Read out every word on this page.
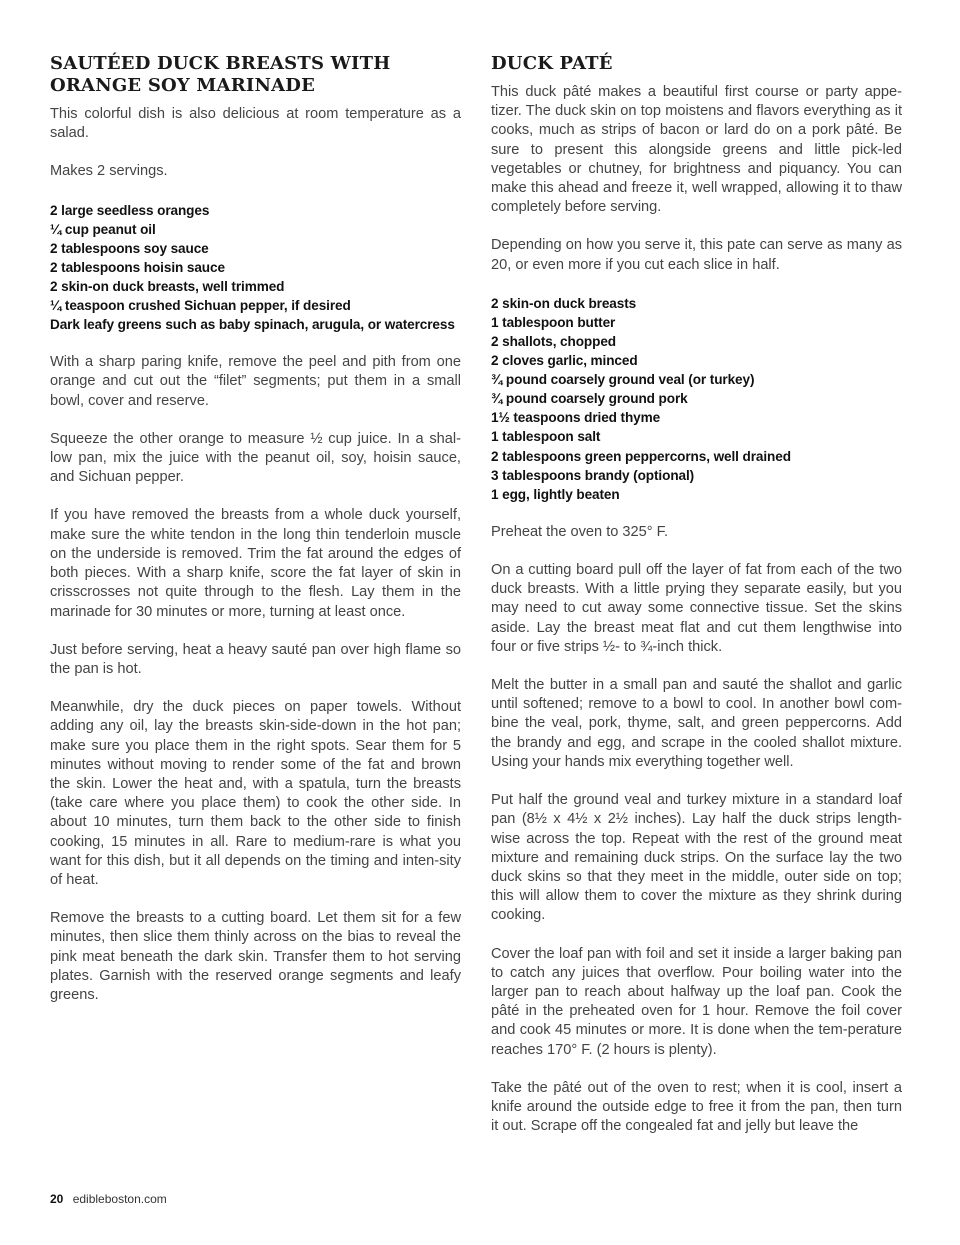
SAUTÉED DUCK BREASTS WITH ORANGE SOY MARINADE

This colorful dish is also delicious at room temperature as a salad.

Makes 2 servings.

2 large seedless oranges
¼ cup peanut oil
2 tablespoons soy sauce
2 tablespoons hoisin sauce
2 skin-on duck breasts, well trimmed
¼ teaspoon crushed Sichuan pepper, if desired
Dark leafy greens such as baby spinach, arugula, or watercress

With a sharp paring knife, remove the peel and pith from one orange and cut out the “filet” segments; put them in a small bowl, cover and reserve.

Squeeze the other orange to measure ½ cup juice. In a shal-low pan, mix the juice with the peanut oil, soy, hoisin sauce, and Sichuan pepper.

If you have removed the breasts from a whole duck yourself, make sure the white tendon in the long thin tenderloin muscle on the underside is removed. Trim the fat around the edges of both pieces. With a sharp knife, score the fat layer of skin in crisscrosses not quite through to the flesh. Lay them in the marinade for 30 minutes or more, turning at least once.

Just before serving, heat a heavy sauté pan over high flame so the pan is hot.

Meanwhile, dry the duck pieces on paper towels. Without adding any oil, lay the breasts skin-side-down in the hot pan; make sure you place them in the right spots. Sear them for 5 minutes without moving to render some of the fat and brown the skin. Lower the heat and, with a spatula, turn the breasts (take care where you place them) to cook the other side. In about 10 minutes, turn them back to the other side to finish cooking, 15 minutes in all. Rare to medium-rare is what you want for this dish, but it all depends on the timing and inten-sity of heat.

Remove the breasts to a cutting board. Let them sit for a few minutes, then slice them thinly across on the bias to reveal the pink meat beneath the dark skin. Transfer them to hot serving plates. Garnish with the reserved orange segments and leafy greens.

DUCK PATÉ

This duck pâté makes a beautiful first course or party appe-tizer. The duck skin on top moistens and flavors everything as it cooks, much as strips of bacon or lard do on a pork pâté. Be sure to present this alongside greens and little pick-led vegetables or chutney, for brightness and piquancy. You can make this ahead and freeze it, well wrapped, allowing it to thaw completely before serving.

Depending on how you serve it, this pate can serve as many as 20, or even more if you cut each slice in half.

2 skin-on duck breasts
1 tablespoon butter
2 shallots, chopped
2 cloves garlic, minced
¾ pound coarsely ground veal (or turkey)
¾ pound coarsely ground pork
1½ teaspoons dried thyme
1 tablespoon salt
2 tablespoons green peppercorns, well drained
3 tablespoons brandy (optional)
1 egg, lightly beaten

Preheat the oven to 325° F.

On a cutting board pull off the layer of fat from each of the two duck breasts. With a little prying they separate easily, but you may need to cut away some connective tissue. Set the skins aside. Lay the breast meat flat and cut them lengthwise into four or five strips ½- to ¾-inch thick.

Melt the butter in a small pan and sauté the shallot and garlic until softened; remove to a bowl to cool. In another bowl com-bine the veal, pork, thyme, salt, and green peppercorns. Add the brandy and egg, and scrape in the cooled shallot mixture. Using your hands mix everything together well.

Put half the ground veal and turkey mixture in a standard loaf pan (8½ x 4½ x 2½ inches). Lay half the duck strips length-wise across the top. Repeat with the rest of the ground meat mixture and remaining duck strips. On the surface lay the two duck skins so that they meet in the middle, outer side on top; this will allow them to cover the mixture as they shrink during cooking.

Cover the loaf pan with foil and set it inside a larger baking pan to catch any juices that overflow. Pour boiling water into the larger pan to reach about halfway up the loaf pan. Cook the pâté in the preheated oven for 1 hour. Remove the foil cover and cook 45 minutes or more. It is done when the tem-perature reaches 170° F. (2 hours is plenty).

Take the pâté out of the oven to rest; when it is cool, insert a knife around the outside edge to free it from the pan, then turn it out. Scrape off the congealed fat and jelly but leave the

20 edibleboston.com
